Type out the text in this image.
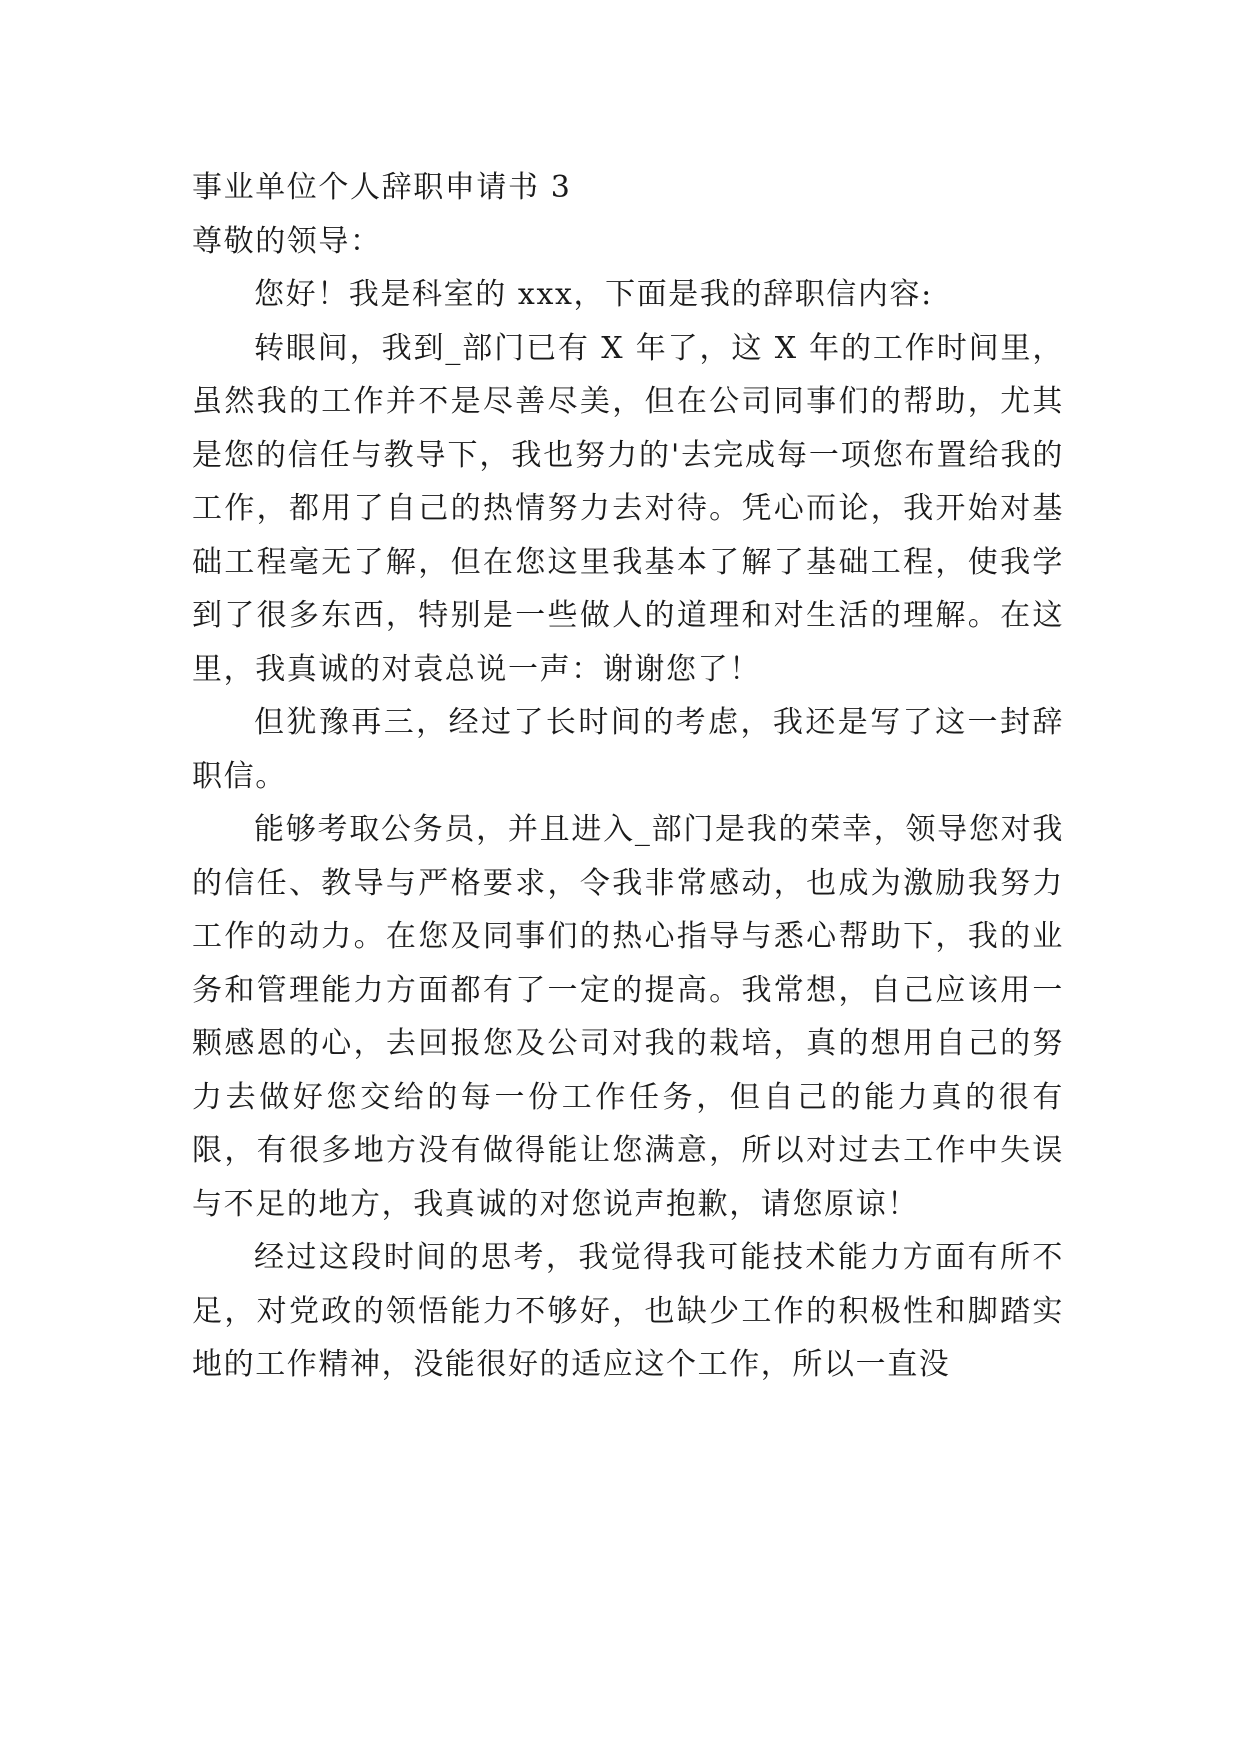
事业单位个人辞职申请书 3

尊敬的领导：

您好！我是科室的 xxx，下面是我的辞职信内容:

转眼间，我到_部门已有 X 年了，这 X 年的工作时间里，虽然我的工作并不是尽善尽美，但在公司同事们的帮助，尤其是您的信任与教导下，我也努力的'去完成每一项您布置给我的工作，都用了自己的热情努力去对待。凭心而论，我开始对基础工程毫无了解，但在您这里我基本了解了基础工程，使我学到了很多东西，特别是一些做人的道理和对生活的理解。在这里，我真诚的对袁总说一声：谢谢您了！

但犹豫再三，经过了长时间的考虑，我还是写了这一封辞职信。

能够考取公务员，并且进入_部门是我的荣幸，领导您对我的信任、教导与严格要求，令我非常感动，也成为激励我努力工作的动力。在您及同事们的热心指导与悉心帮助下，我的业务和管理能力方面都有了一定的提高。我常想，自己应该用一颗感恩的心，去回报您及公司对我的栽培，真的想用自己的努力去做好您交给的每一份工作任务，但自己的能力真的很有限，有很多地方没有做得能让您满意，所以对过去工作中失误与不足的地方，我真诚的对您说声抱歉，请您原谅！

经过这段时间的思考，我觉得我可能技术能力方面有所不足，对党政的领悟能力不够好，也缺少工作的积极性和脚踏实地的工作精神，没能很好的适应这个工作，所以一直没
